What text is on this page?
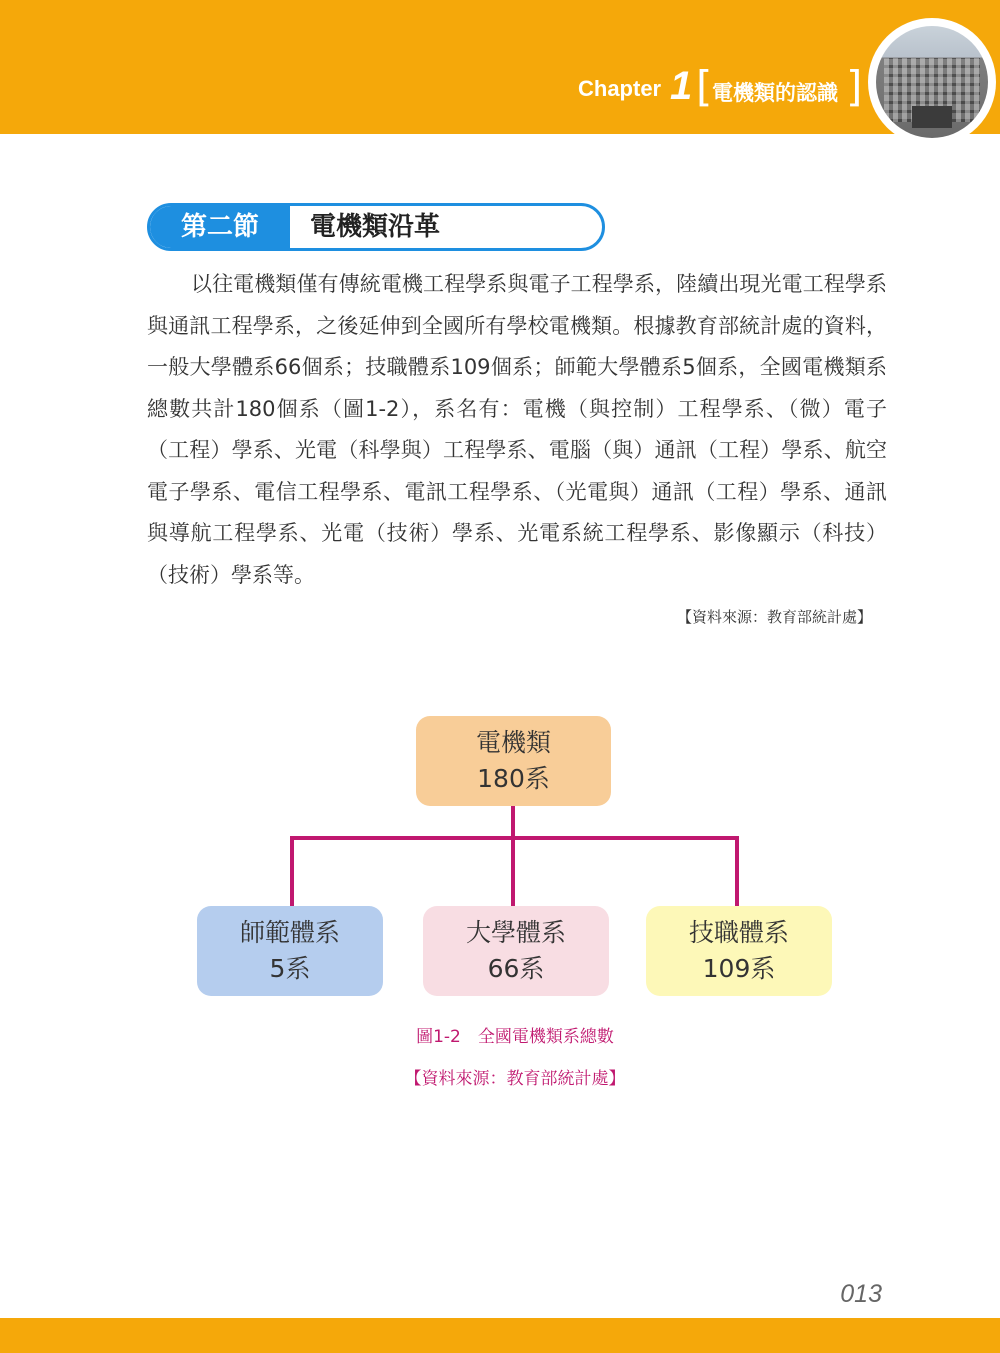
Chapter 1 [ 電機類的認識 ]
第二節	電機類沿革

以往電機類僅有傳統電機工程學系與電子工程學系，陸續出現光電工程學系與通訊工程學系，之後延伸到全國所有學校電機類。根據教育部統計處的資料，一般大學體系66個系；技職體系109個系；師範大學體系5個系，全國電機類系總數共計180個系（圖1-2），系名有：電機（與控制）工程學系、（微）電子（工程）學系、光電（科學與）工程學系、電腦（與）通訊（工程）學系、航空電子學系、電信工程學系、電訊工程學系、（光電與）通訊（工程）學系、通訊與導航工程學系、光電（技術）學系、光電系統工程學系、影像顯示（科技）（技術）學系等。

【資料來源：教育部統計處】
電機類
180系
師範體系
5系
大學體系
66系
技職體系
109系
圖1-2　全國電機類系總數
【資料來源：教育部統計處】
013
